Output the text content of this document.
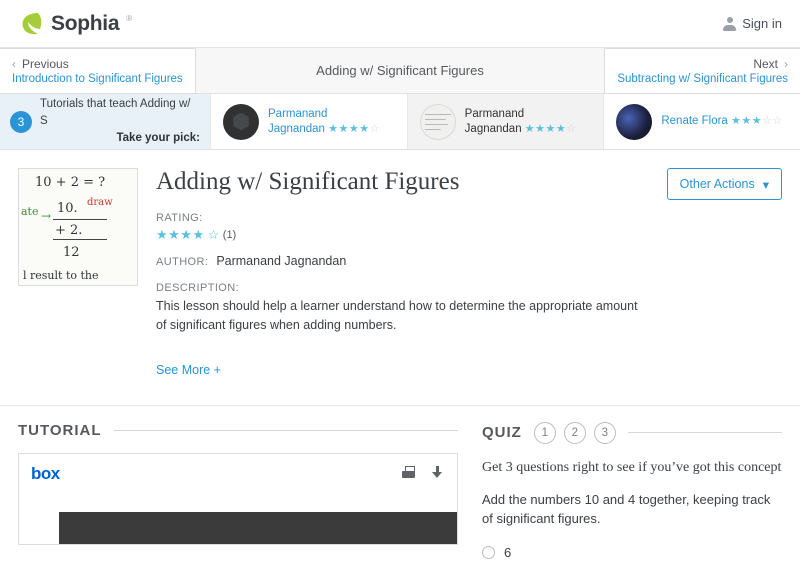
Sophia ®	Sign in
‹ Previous
Introduction to Significant Figures
Adding w/ Significant Figures	Next ›
Subtracting w/ Significant Figures
3
Tutorials that teach Adding w/ S
Take your pick:
Parmanand
Jagnandan ★★★★☆
Parmanand
Jagnandan ★★★★☆
Renate Flora ★★★☆☆
10 + 2 = ?
ate 10. draw
+ 2.
12
l result to the
→
Adding w/ Significant Figures
RATING:
★★★★ ☆ (1)
AUTHOR: Parmanand Jagnandan
DESCRIPTION:
This lesson should help a learner understand how to determine the appropriate amount of significant figures when adding numbers.
See More +
Other Actions ▾
TUTORIAL
box
QUIZ	1	2	3
Get 3 questions right to see if you’ve got this concept
Add the numbers 10 and 4 together, keeping track of significant figures.
6
